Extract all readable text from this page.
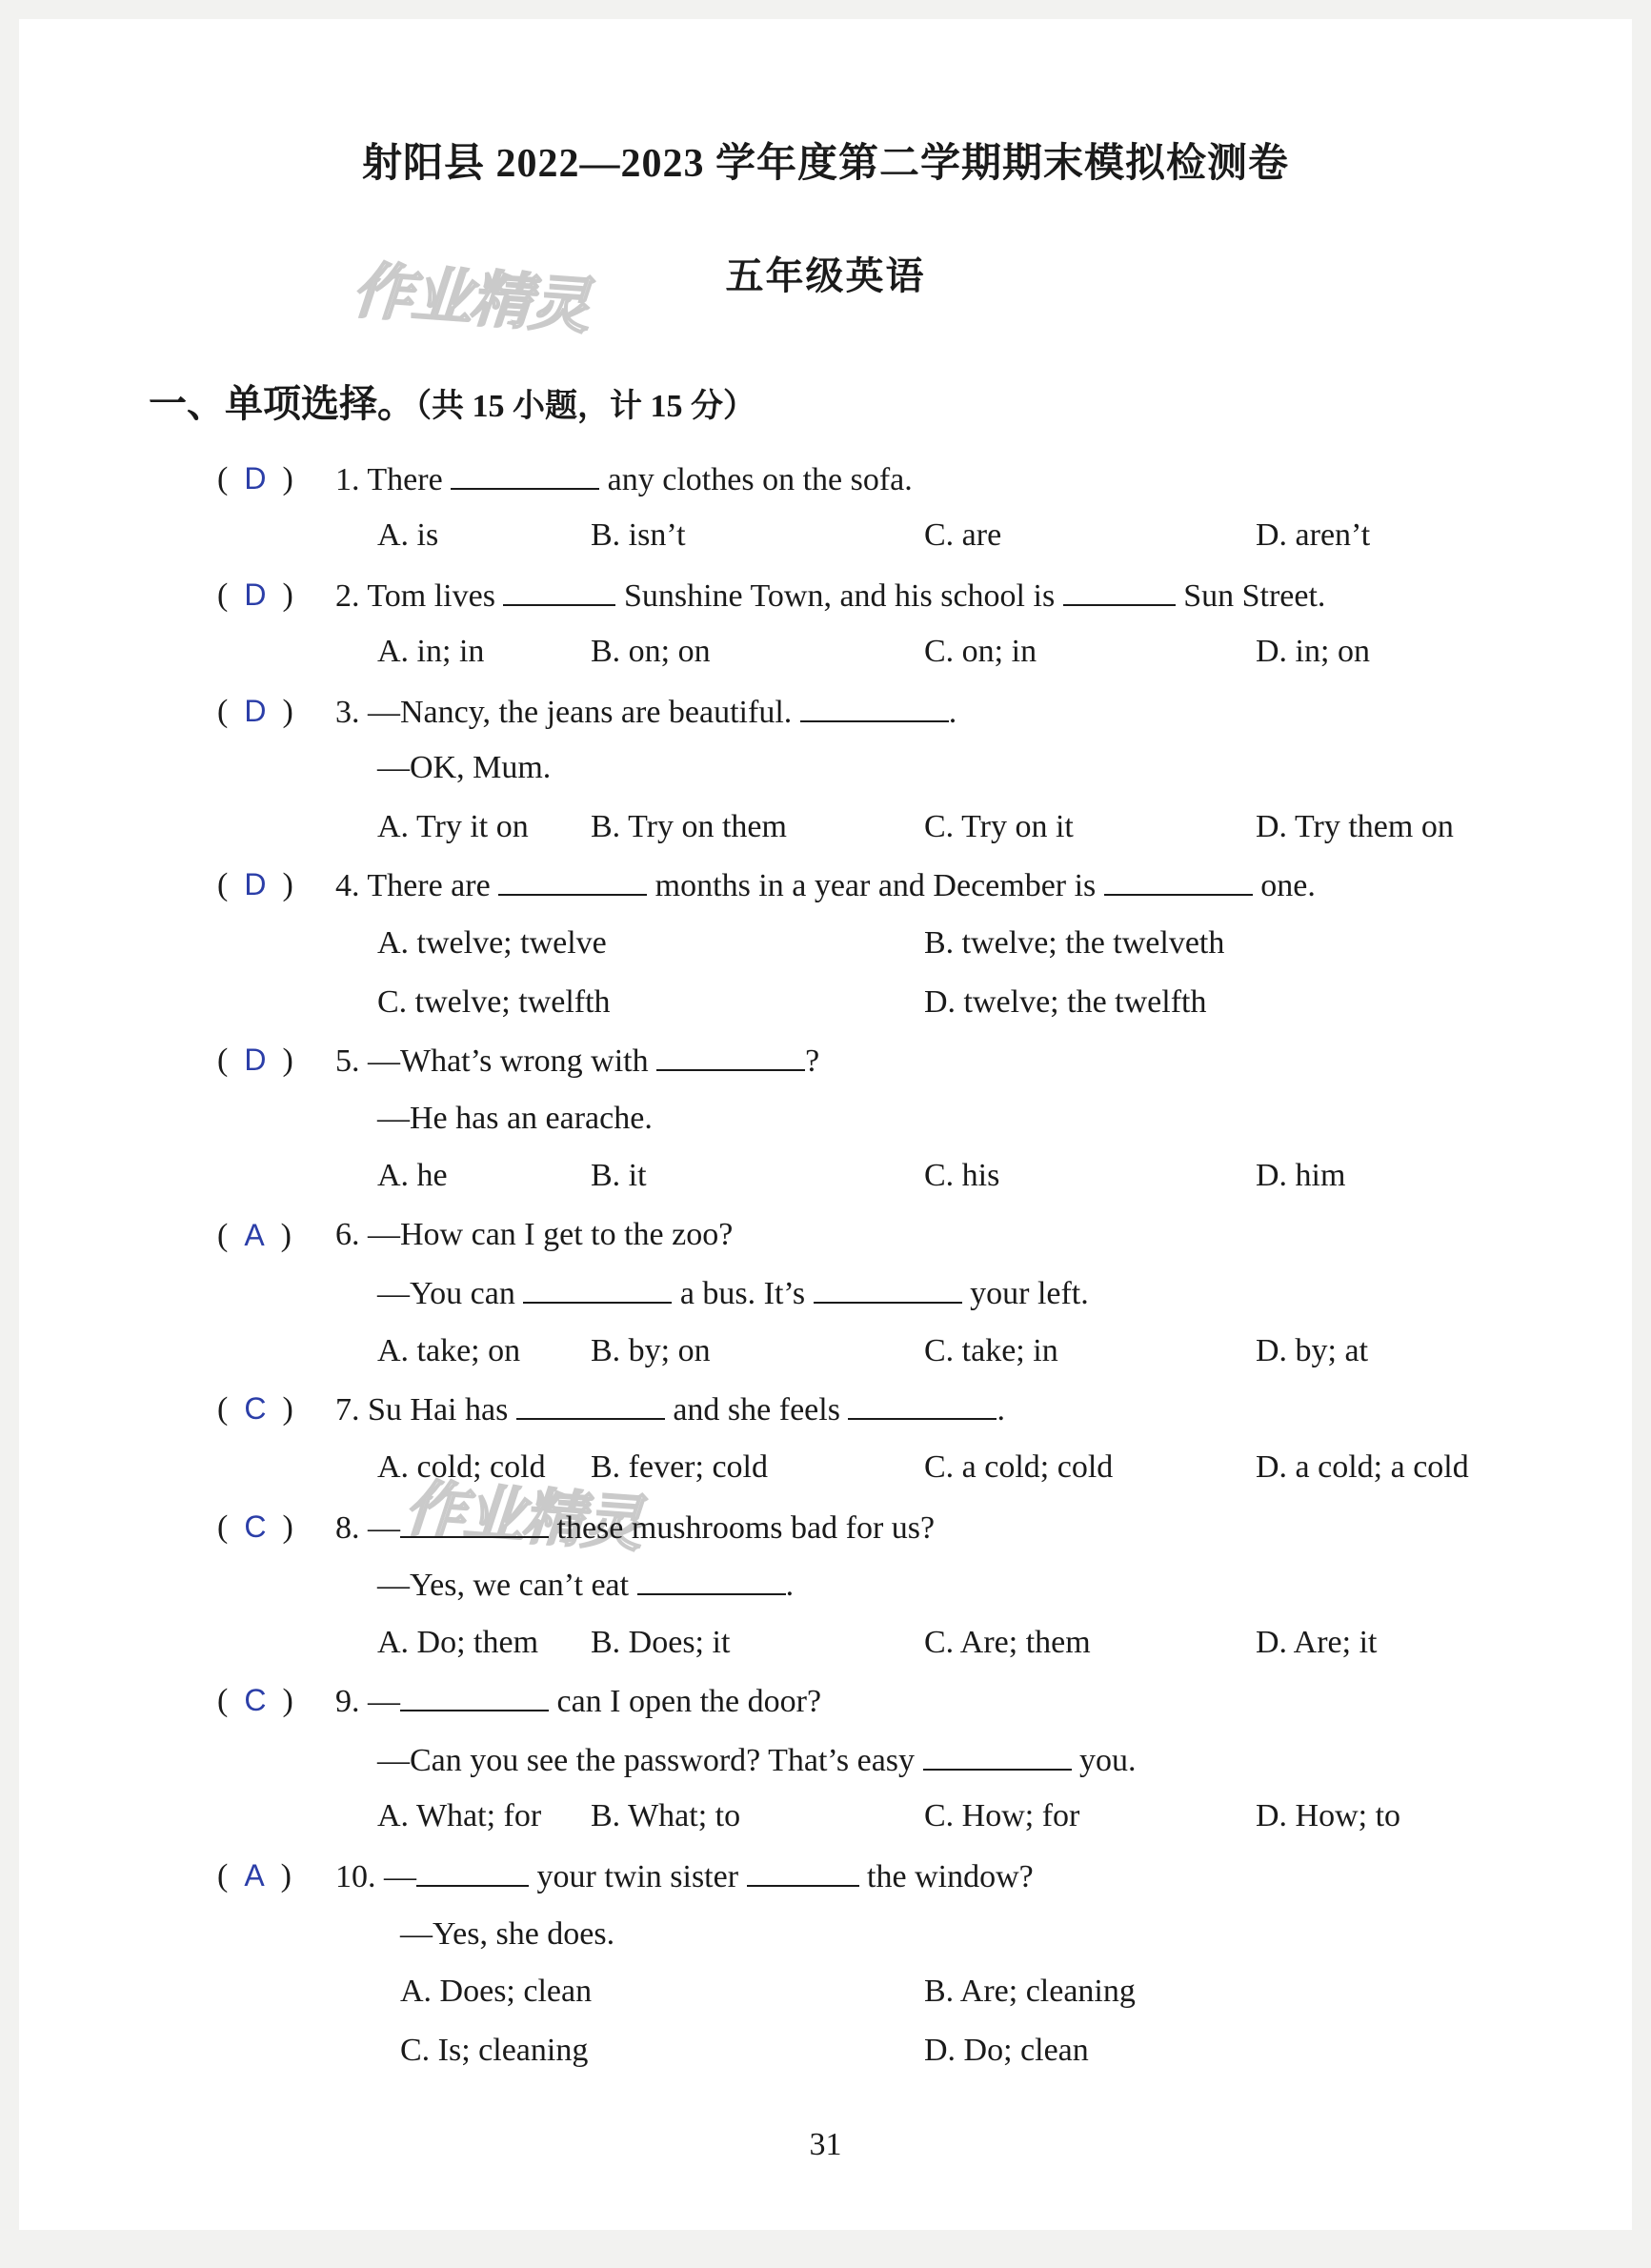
射阳县 2022—2023 学年度第二学期期末模拟检测卷
五年级英语
作业精灵
作业精灵
一、单项选择。（共 15 小题，计 15 分）
(  D  ) 1. There	any clothes on the sofa.
A. is	B. isn’t	C. are	D. aren’t
(  D  ) 2. Tom lives	Sunshine Town, and his school is	Sun Street.
A. in; in	B. on; on	C. on; in	D. in; on
(  D  ) 3. —Nancy, the jeans are beautiful.	.
—OK, Mum.
A. Try it on B. Try on them	C. Try on it	D. Try them on
(  D  ) 4. There are	months in a year and December is	one.
A. twelve; twelve	B. twelve; the twelveth
C. twelve; twelfth	D. twelve; the twelfth
(  D  ) 5. —What’s wrong with	?
—He has an earache.
A. he	B. it	C. his	D. him
(  A  ) 6. —How can I get to the zoo?
—You can	a bus. It’s	your left.
A. take; on B. by; on	C. take; in	D. by; at
(  C  ) 7. Su Hai has	and she feels	.
A. cold; cold B. fever; cold	C. a cold; cold	D. a cold; a cold
(  C  ) 8. —	these mushrooms bad for us?
—Yes, we can’t eat	.
A. Do; them B. Does; it	C. Are; them	D. Are; it
(  C  ) 9. —	can I open the door?
—Can you see the password? That’s easy	you.
A. What; for B. What; to	C. How; for	D. How; to
(  A  ) 10. —	your twin sister	the window?
—Yes, she does.
A. Does; clean	B. Are; cleaning
C. Is; cleaning	D. Do; clean
31
